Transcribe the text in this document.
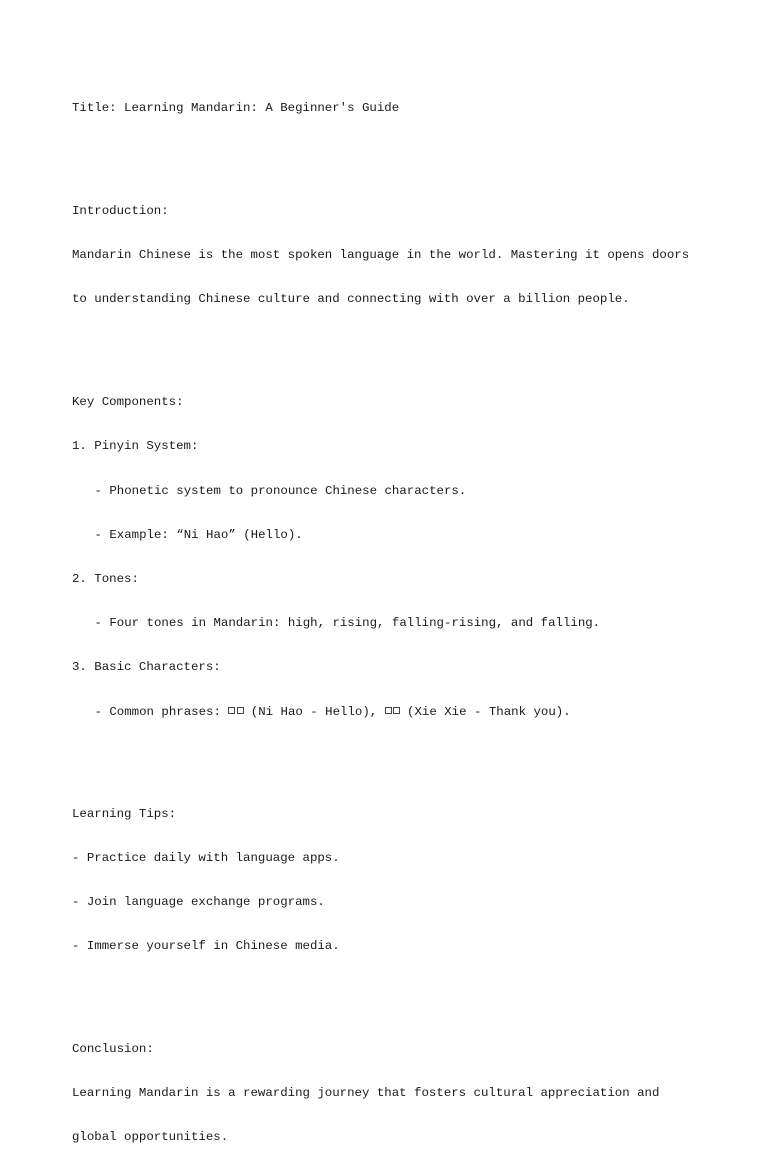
Title: Learning Mandarin: A Beginner's Guide

Introduction:

Mandarin Chinese is the most spoken language in the world. Mastering it opens doors

to understanding Chinese culture and connecting with over a billion people.

Key Components:

1. Pinyin System:

- Phonetic system to pronounce Chinese characters.

- Example: “Ni Hao” (Hello).

2. Tones:

- Four tones in Mandarin: high, rising, falling-rising, and falling.

3. Basic Characters:

- Common phrases:  (Ni Hao - Hello),  (Xie Xie - Thank you).

Learning Tips:

- Practice daily with language apps.

- Join language exchange programs.

- Immerse yourself in Chinese media.

Conclusion:

Learning Mandarin is a rewarding journey that fosters cultural appreciation and

global opportunities.
